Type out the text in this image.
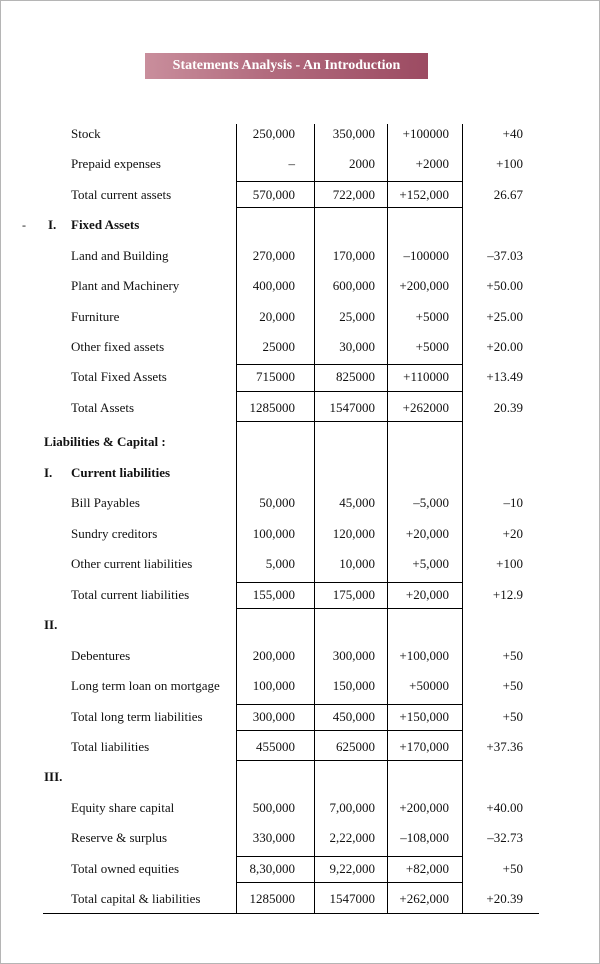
Statements Analysis - An Introduction
Stock	250,000	350,000	+100000	+40
Prepaid expenses	–	2000	+2000	+100
Total current assets	570,000	722,000	+152,000	26.67
- I. Fixed Assets
Land and Building	270,000	170,000	–100000	–37.03
Plant and Machinery	400,000	600,000	+200,000	+50.00
Furniture	20,000	25,000	+5000	+25.00
Other fixed assets	25000	30,000	+5000	+20.00
Total Fixed Assets	715000	825000	+110000	+13.49
Total Assets	1285000	1547000	+262000	20.39
Liabilities & Capital :
I. Current liabilities
Bill Payables	50,000	45,000	–5,000	–10
Sundry creditors	100,000	120,000	+20,000	+20
Other current liabilities	5,000	10,000	+5,000	+100
Total current liabilities	155,000	175,000	+20,000	+12.9
II.
Debentures	200,000	300,000	+100,000	+50
Long term loan on mortgage	100,000	150,000	+50000	+50
Total long term liabilities	300,000	450,000	+150,000	+50
Total liabilities	455000	625000	+170,000	+37.36
III.
Equity share capital	500,000	7,00,000	+200,000	+40.00
Reserve & surplus	330,000	2,22,000	–108,000	–32.73
Total owned equities	8,30,000	9,22,000	+82,000	+50
Total capital & liabilities	1285000	1547000	+262,000	+20.39
